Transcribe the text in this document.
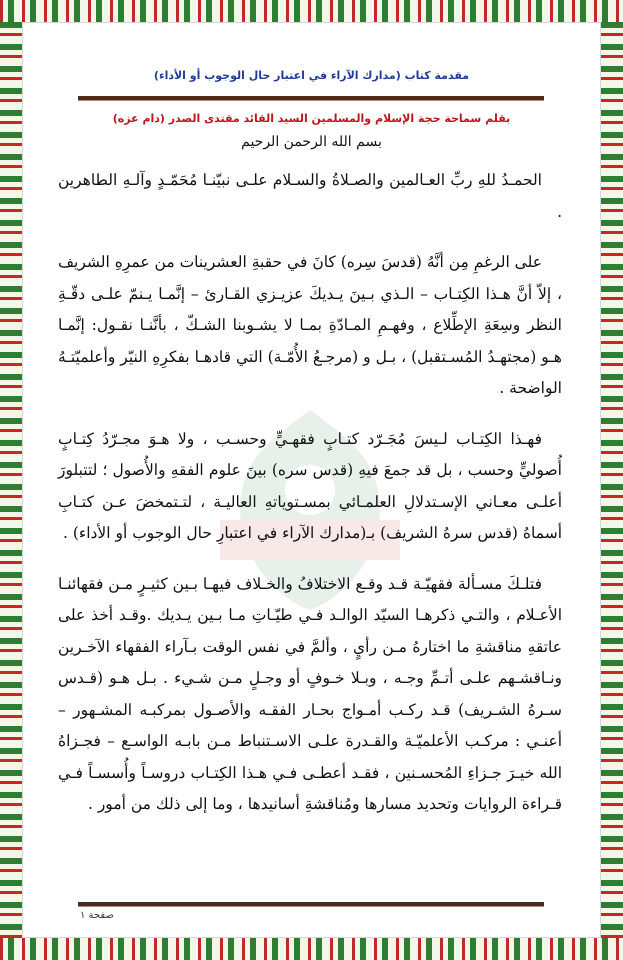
مقدمة كتاب (مدارك الآراء في اعتبار حال الوجوب أو الأداء)
بقلم سماحة حجة الإسلام والمسلمين السيد القائد مقتدى الصدر (دام عزه)
بسم الله الرحمن الرحيم

الحمـدُ للهِ ربِّ العـالمين والصـلاةُ والسـلام علـى نبيّنـا مُحَمّـدٍ وآلـهِ الطاهرين .

على الرغمِ مِن أنَّهُ (قدسَ سِره) كانَ في حقبةِ العشرينات من عمرِهِ الشريف ، إلاّ أنَّ هـذا الكِتـاب – الـذي بـينَ يـديكَ عزيـزي القـارئ – إنَّمـا يـنمّ علـى دقّـةِ النظر وسِعَةِ الإطِّلاع ، وفهـمِ المـادّةِ بمـا لا يشـوبنا الشـكّ ، بأنَّنـا نقـول: إنَّمـا هـو (مجتهـدُ المُسـتقبل) ، بـل و (مرجـعُ الأُمّـة) التي قادهـا بفكرِهِ النيّر وأعلميّتـهُ الواضحة .

فهـذا الكِتـاب لـيسَ مُجَـرّد كتـابٍ فقهـيٍّ وحسـب ، ولا هـوَ مجـرّدُ كِتـابٍ أُصوليٍّ وحسب ، بل قد جمعَ فيهِ (قدس سره) بينَ علوم الفقهِ والأُصول ؛ لتتبلورَ أعلـى معـاني الإسـتدلالِ العلمـائي بمسـتوياتهِ العاليـة ، لتـتمخضَ عـن كتـابِ أسماهُ (قدس سرهُ الشريف) بـ(مدارك الآراء في اعتبارِ حال الوجوب أو الأداء) .

فتلـكَ مسـألة فقهيّـة قـد وقـع الاختلافُ والخـلاف فيهـا بـين كثيـرٍ مـن فقهائنـا الأعـلام ، والتـي ذكرهـا السيّد الوالـد فـي طيّـاتِ مـا بـين يـديك .وقـد أخذ على عاتقهِ مناقشةِ ما اختارهُ مـن رأيٍ ، وألمَّ في نفس الوقت بـآراء الفقهاء الآخـرين ونـاقشـهم علـى أتـمِّ وجـه ، وبـلا خـوفٍ أو وجـلٍ مـن شـيء . بـل هـو (قـدس سـرهُ الشـريف) قـد ركـب أمـواج بحـار الفقـه والأصـول بمركبـه المشـهور – أعنـي : مركـب الأعلميّـة والقـدرة علـى الاسـتنباط مـن بابـه الواسـع – فجـزاهُ الله خيـرَ جـزاءِ المُحسـنين ، فقـد أعطـى فـي هـذا الكِتـاب دروسـاً وأُسسـاً فـي قـراءة الروايات وتحديد مسارها ومُناقشةِ أسانيدها ، وما إلى ذلك من أمور .

صفحة ١
